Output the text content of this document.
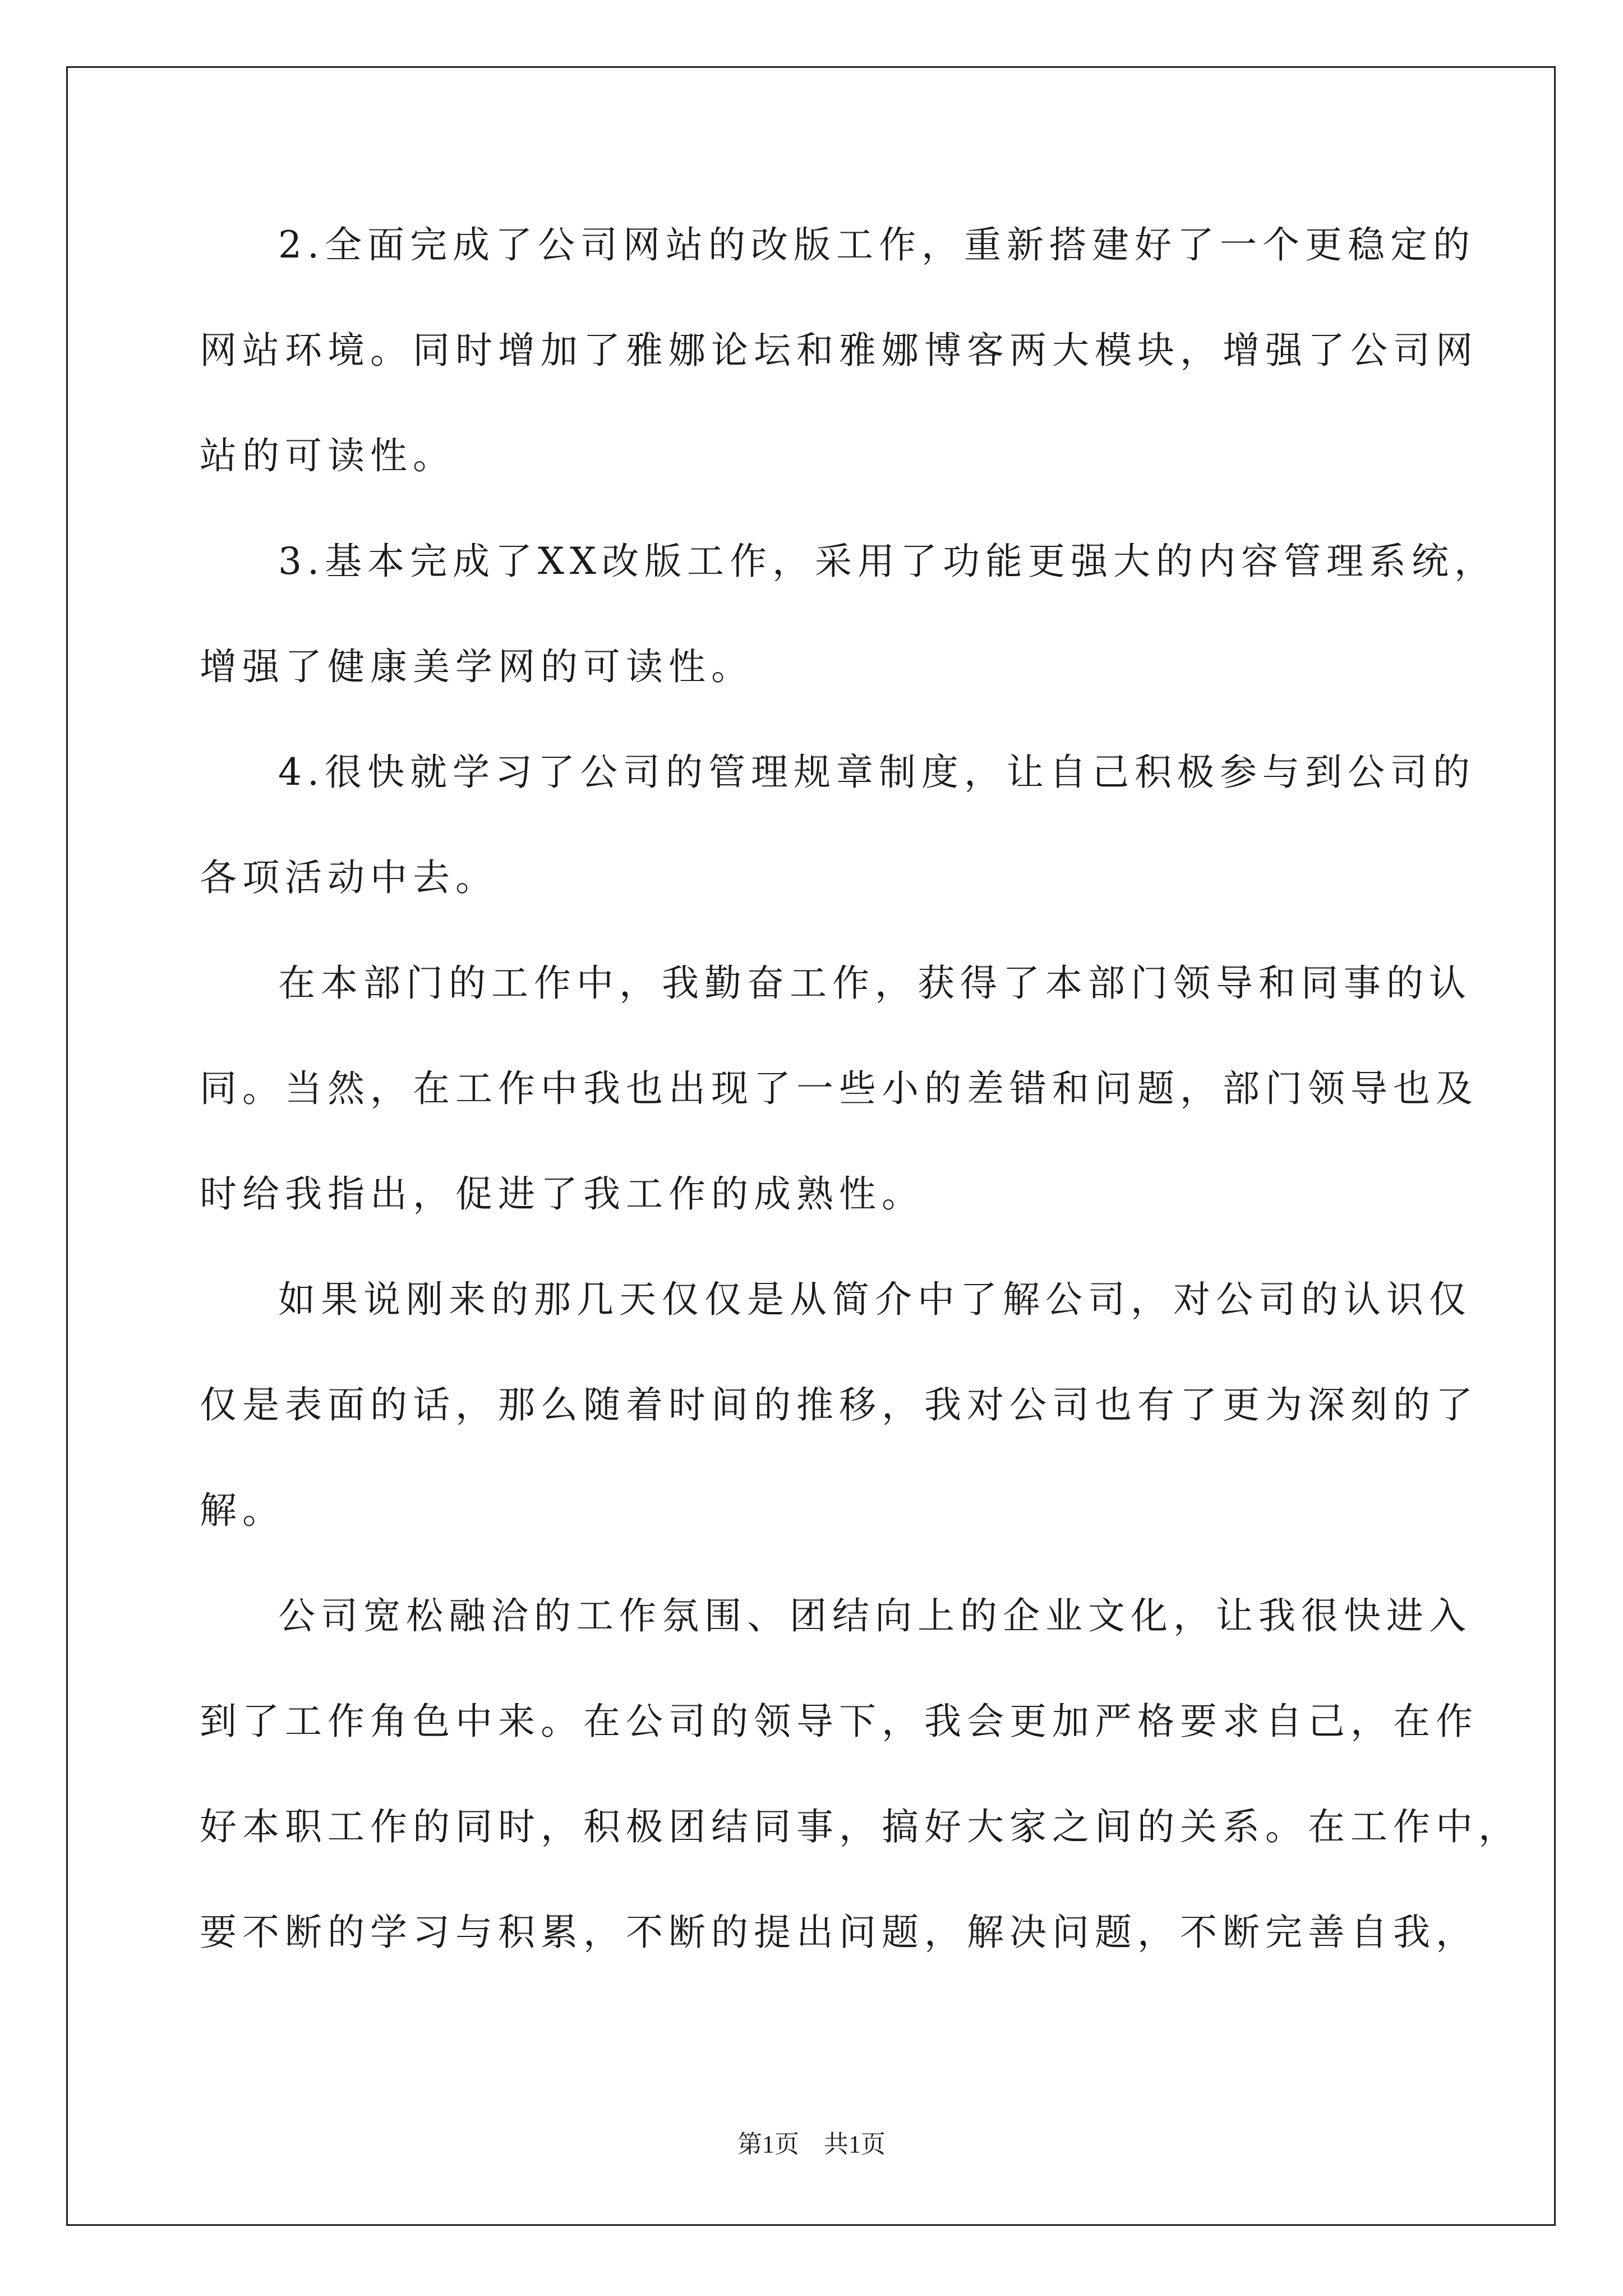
2.全面完成了公司网站的改版工作，重新搭建好了一个更稳定的
网站环境。同时增加了雅娜论坛和雅娜博客两大模块，增强了公司网
站的可读性。
3.基本完成了XX改版工作，采用了功能更强大的内容管理系统，
增强了健康美学网的可读性。
4.很快就学习了公司的管理规章制度，让自己积极参与到公司的
各项活动中去。
在本部门的工作中，我勤奋工作，获得了本部门领导和同事的认
同。当然，在工作中我也出现了一些小的差错和问题，部门领导也及
时给我指出，促进了我工作的成熟性。
如果说刚来的那几天仅仅是从简介中了解公司，对公司的认识仅
仅是表面的话，那么随着时间的推移，我对公司也有了更为深刻的了
解。
公司宽松融洽的工作氛围、团结向上的企业文化，让我很快进入
到了工作角色中来。在公司的领导下，我会更加严格要求自己，在作
好本职工作的同时，积极团结同事，搞好大家之间的关系。在工作中，
要不断的学习与积累，不断的提出问题，解决问题，不断完善自我，
第1页　共1页
